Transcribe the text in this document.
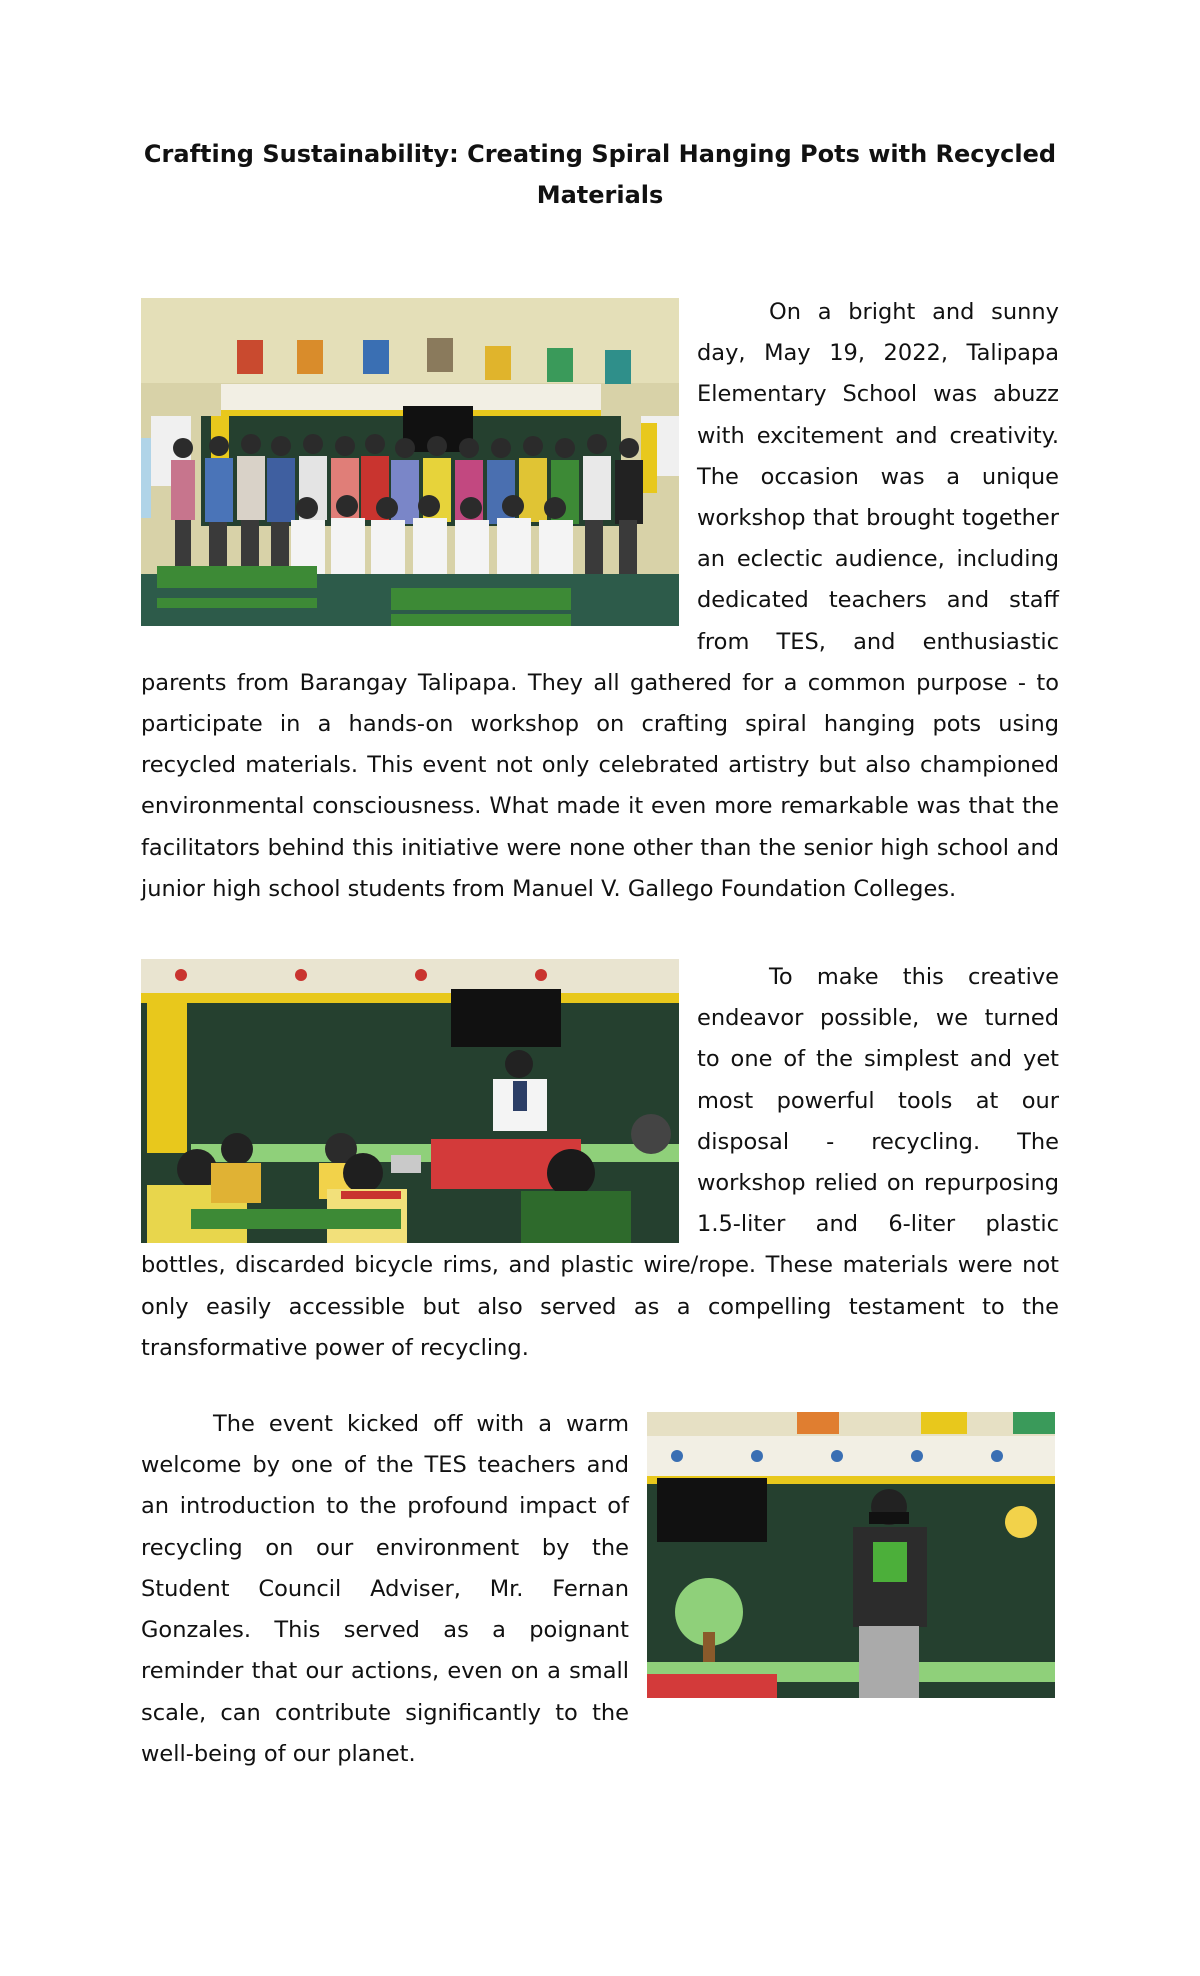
Crafting Sustainability: Creating Spiral Hanging Pots with Recycled Materials

On a bright and sunny day, May 19, 2022, Talipapa Elementary School was abuzz with excitement and creativity. The occasion was a unique workshop that brought together an eclectic audience, including dedicated teachers and staff from TES, and enthusiastic parents from Barangay Talipapa. They all gathered for a common purpose - to participate in a hands-on workshop on crafting spiral hanging pots using recycled materials. This event not only celebrated artistry but also championed environmental consciousness. What made it even more remarkable was that the facilitators behind this initiative were none other than the senior high school and junior high school students from Manuel V. Gallego Foundation Colleges.

To make this creative endeavor possible, we turned to one of the simplest and yet most powerful tools at our disposal - recycling. The workshop relied on repurposing 1.5-liter and 6-liter plastic bottles, discarded bicycle rims, and plastic wire/rope. These materials were not only easily accessible but also served as a compelling testament to the transformative power of recycling.

The event kicked off with a warm welcome by one of the TES teachers and an introduction to the profound impact of recycling on our environment by the Student Council Adviser, Mr. Fernan Gonzales. This served as a poignant reminder that our actions, even on a small scale, can contribute significantly to the well-being of our planet.
